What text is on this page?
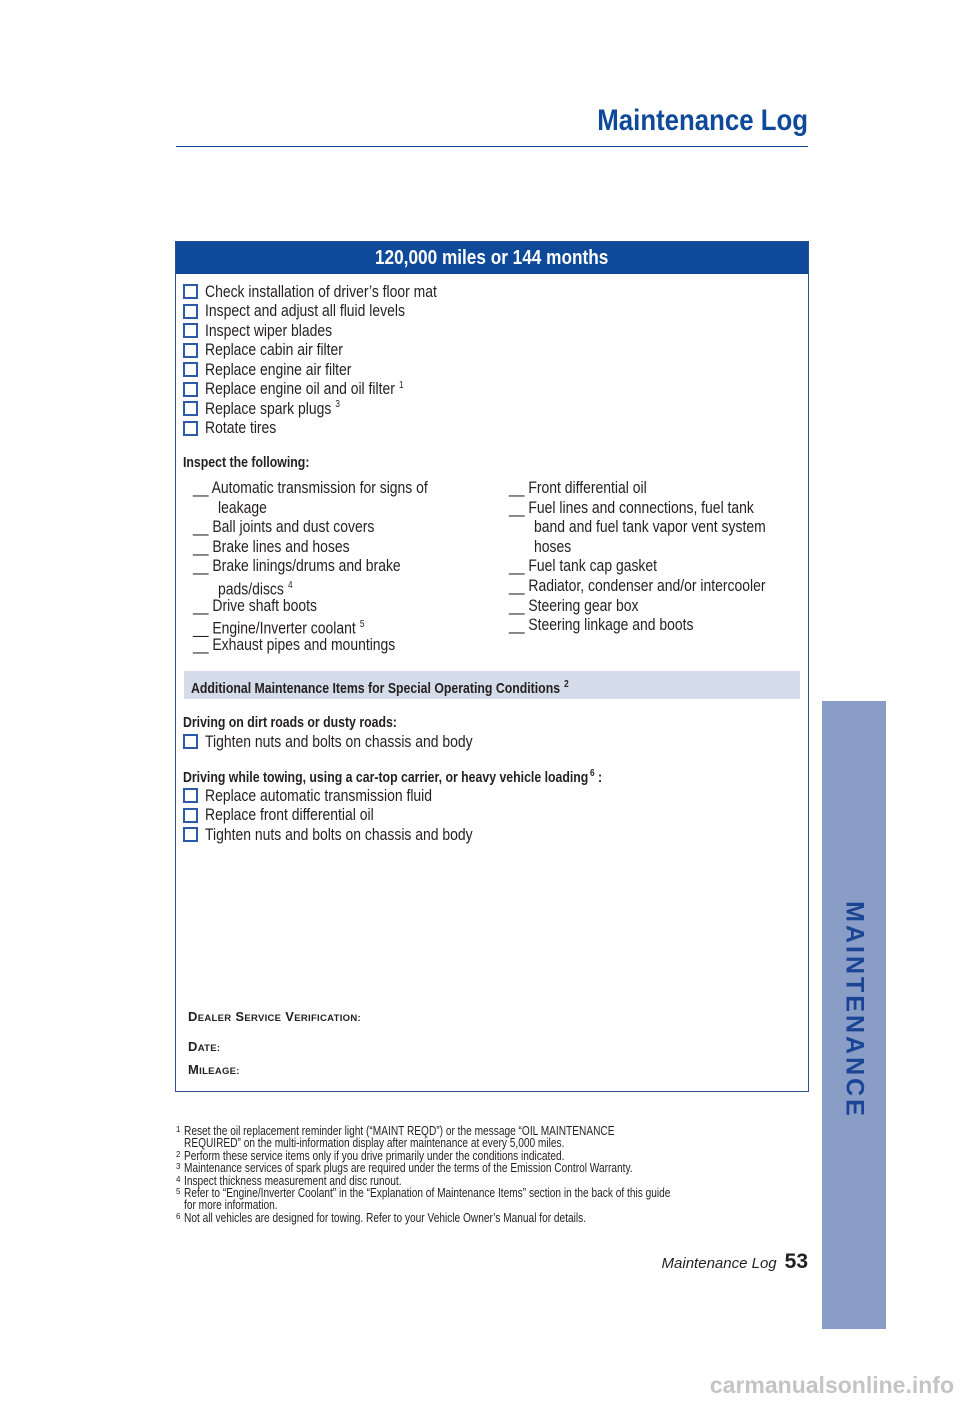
Maintenance Log
120,000 miles or 144 months
Check installation of driver’s floor mat
Inspect and adjust all fluid levels
Inspect wiper blades
Replace cabin air filter
Replace engine air filter
Replace engine oil and oil filter $^1$
Replace spark plugs $^3$
Rotate tires
Inspect the following:
__ Automatic transmission for signs of
leakage
__ Ball joints and dust covers
__ Brake lines and hoses
__ Brake linings/drums and brake
pads/discs $^4$
__ Drive shaft boots
__ Engine/Inverter coolant $^5$
__ Exhaust pipes and mountings
__ Front differential oil
__ Fuel lines and connections, fuel tank
band and fuel tank vapor vent system
hoses
__ Fuel tank cap gasket
__ Radiator, condenser and/or intercooler
__ Steering gear box
__ Steering linkage and boots
Additional Maintenance Items for Special Operating Conditions $^2$
Driving on dirt roads or dusty roads:
Tighten nuts and bolts on chassis and body
Driving while towing, using a car-top carrier, or heavy vehicle loading $^6$ :
Replace automatic transmission fluid
Replace front differential oil
Tighten nuts and bolts on chassis and body
DEALER SERVICE VERIFICATION:
DATE:
MILEAGE:
1 Reset the oil replacement reminder light (“MAINT REQD”) or the message “OIL MAINTENANCE REQUIRED” on the multi-information display after maintenance at every 5,000 miles.
2 Perform these service items only if you drive primarily under the conditions indicated.
3 Maintenance services of spark plugs are required under the terms of the Emission Control Warranty.
4 Inspect thickness measurement and disc runout.
5 Refer to “Engine/Inverter Coolant” in the “Explanation of Maintenance Items” section in the back of this guide for more information.
6 Not all vehicles are designed for towing. Refer to your Vehicle Owner’s Manual for details.
Maintenance Log 53
MAINTENANCE
carmanualsonline.info
